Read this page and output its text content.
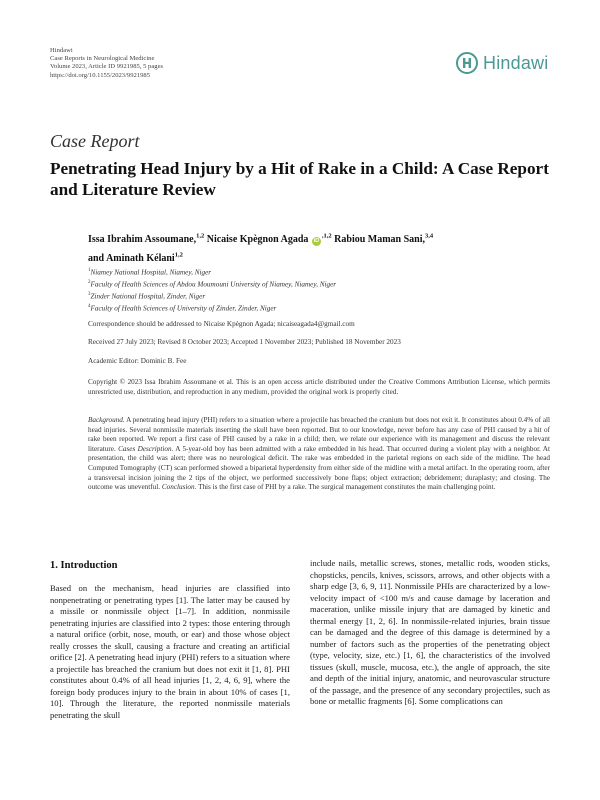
Hindawi
Case Reports in Neurological Medicine
Volume 2023, Article ID 9921985, 5 pages
https://doi.org/10.1155/2023/9921985
Hindawi
Case Report
Penetrating Head Injury by a Hit of Rake in a Child: A Case Report and Literature Review
Issa Ibrahim Assoumane,$^{1,2}$ Nicaise Kpègnon Agada $iD^{,1,2}$ Rabiou Maman Sani,$^{3,4}$
and Aminath Kélani$^{1,2}$
$^1$Niamey National Hospital, Niamey, Niger
$^2$Faculty of Health Sciences of Abdou Moumouni University of Niamey, Niamey, Niger
$^3$Zinder National Hospital, Zinder, Niger
$^4$Faculty of Health Sciences of University of Zinder, Zinder, Niger
Correspondence should be addressed to Nicaise Kpègnon Agada; nicaiseagada4@gmail.com
Received 27 July 2023; Revised 8 October 2023; Accepted 1 November 2023; Published 18 November 2023
Academic Editor: Dominic B. Fee
Copyright © 2023 Issa Ibrahim Assoumane et al. This is an open access article distributed under the Creative Commons Attribution License, which permits unrestricted use, distribution, and reproduction in any medium, provided the original work is properly cited.
Background. A penetrating head injury (PHI) refers to a situation where a projectile has breached the cranium but does not exit it. It constitutes about 0.4% of all head injuries. Several nonmissile materials inserting the skull have been reported. But to our knowledge, never before has any case of PHI caused by a hit of rake been reported. We report a first case of PHI caused by a rake in a child; then, we relate our experience with its management and discuss the relevant literature. Cases Description. A 5-year-old boy has been admitted with a rake embedded in his head. That occurred during a violent play with a neighbor. At presentation, the child was alert; there was no neurological deficit. The rake was embedded in the parietal regions on each side of the midline. The head Computed Tomography (CT) scan performed showed a biparietal hyperdensity from either side of the midline with a metal artifact. In the operating room, after a transversal incision joining the 2 tips of the object, we performed successively bone flaps; object extraction; debridement; duraplasty; and closing. The outcome was uneventful. Conclusion. This is the first case of PHI by a rake. The surgical management constitutes the main challenging point.
1. Introduction

Based on the mechanism, head injuries are classified into nonpenetrating or penetrating types [1]. The latter may be caused by a missile or nonmissile object [1–7]. In addition, nonmissile penetrating injuries are classified into 2 types: those entering through a natural orifice (orbit, nose, mouth, or ear) and those whose object really crosses the skull, causing a fracture and creating an artificial orifice [2]. A penetrating head injury (PHI) refers to a situation where a projectile has breached the cranium but does not exit it [1, 8]. PHI constitutes about 0.4% of all head injuries [1, 2, 4, 6, 9], where the foreign body produces injury to the brain in about 10% of cases [1, 10]. Through the literature, the reported nonmissile materials penetrating the skull

include nails, metallic screws, stones, metallic rods, wooden sticks, chopsticks, pencils, knives, scissors, arrows, and other objects with a sharp edge [3, 6, 9, 11]. Nonmissile PHIs are characterized by a low-velocity impact of <100 m/s and cause damage by laceration and maceration, unlike missile injury that are damaged by kinetic and thermal energy [1, 2, 6]. In nonmissile-related injuries, brain tissue can be damaged and the degree of this damage is determined by a number of factors such as the properties of the penetrating object (type, velocity, size, etc.) [1, 6], the characteristics of the involved tissues (skull, muscle, mucosa, etc.), the angle of approach, the site and depth of the initial injury, anatomic, and neurovascular structure of the passage, and the presence of any secondary projectiles, such as bone or metallic fragments [6]. Some complications can
